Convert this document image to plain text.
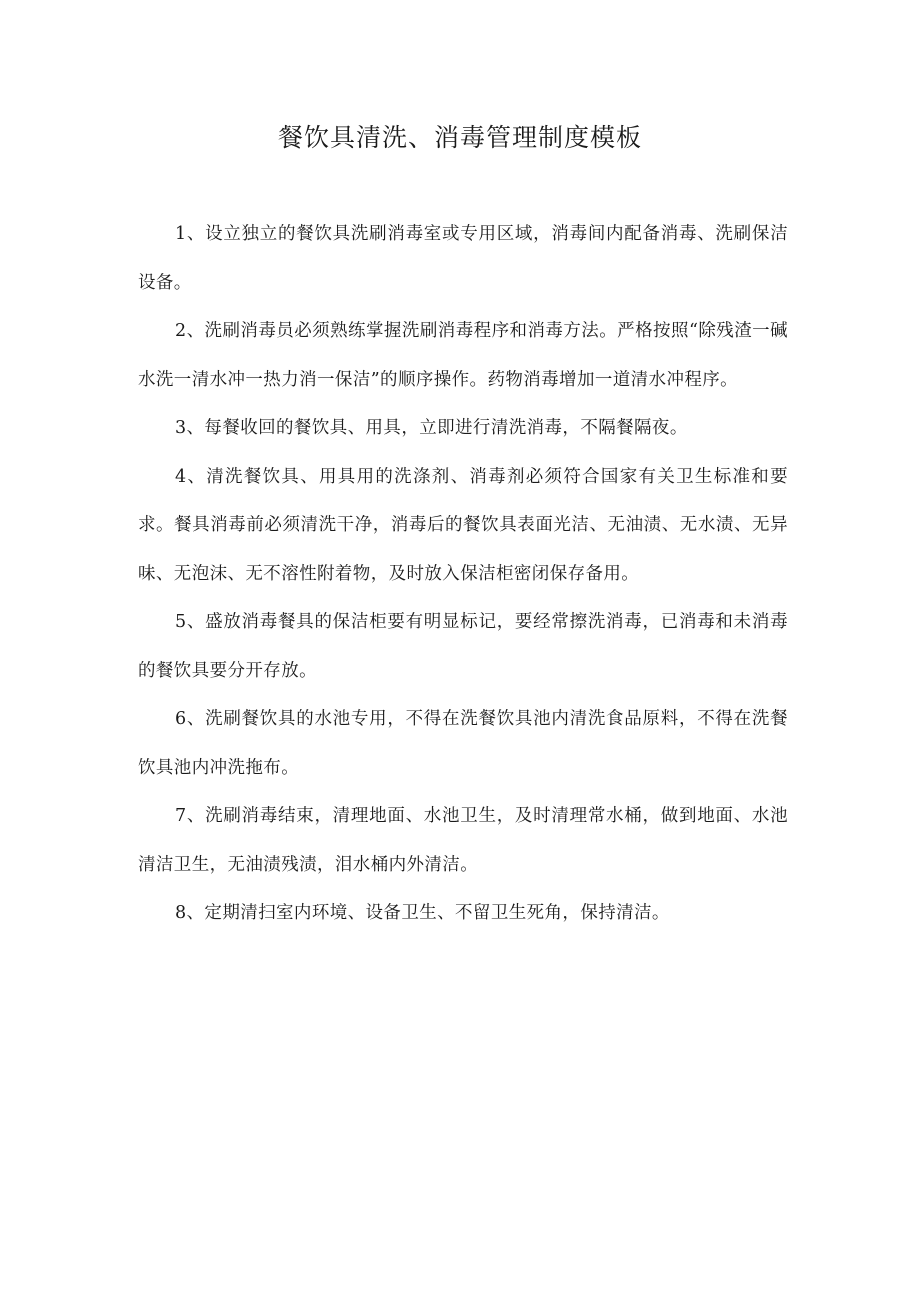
餐饮具清洗、消毒管理制度模板

1、设立独立的餐饮具洗刷消毒室或专用区域，消毒间内配备消毒、洗刷保洁设备。

2、洗刷消毒员必须熟练掌握洗刷消毒程序和消毒方法。严格按照“除残渣一碱水洗一清水冲一热力消一保洁”的顺序操作。药物消毒增加一道清水冲程序。

3、每餐收回的餐饮具、用具，立即进行清洗消毒，不隔餐隔夜。

4、清洗餐饮具、用具用的洗涤剂、消毒剂必须符合国家有关卫生标准和要求。餐具消毒前必须清洗干净，消毒后的餐饮具表面光洁、无油渍、无水渍、无异味、无泡沫、无不溶性附着物，及时放入保洁柜密闭保存备用。

5、盛放消毒餐具的保洁柜要有明显标记，要经常擦洗消毒，已消毒和未消毒的餐饮具要分开存放。

6、洗刷餐饮具的水池专用，不得在洗餐饮具池内清洗食品原料，不得在洗餐饮具池内冲洗拖布。

7、洗刷消毒结束，清理地面、水池卫生，及时清理常水桶，做到地面、水池清洁卫生，无油渍残渍，泪水桶内外清洁。

8、定期清扫室内环境、设备卫生、不留卫生死角，保持清洁。
